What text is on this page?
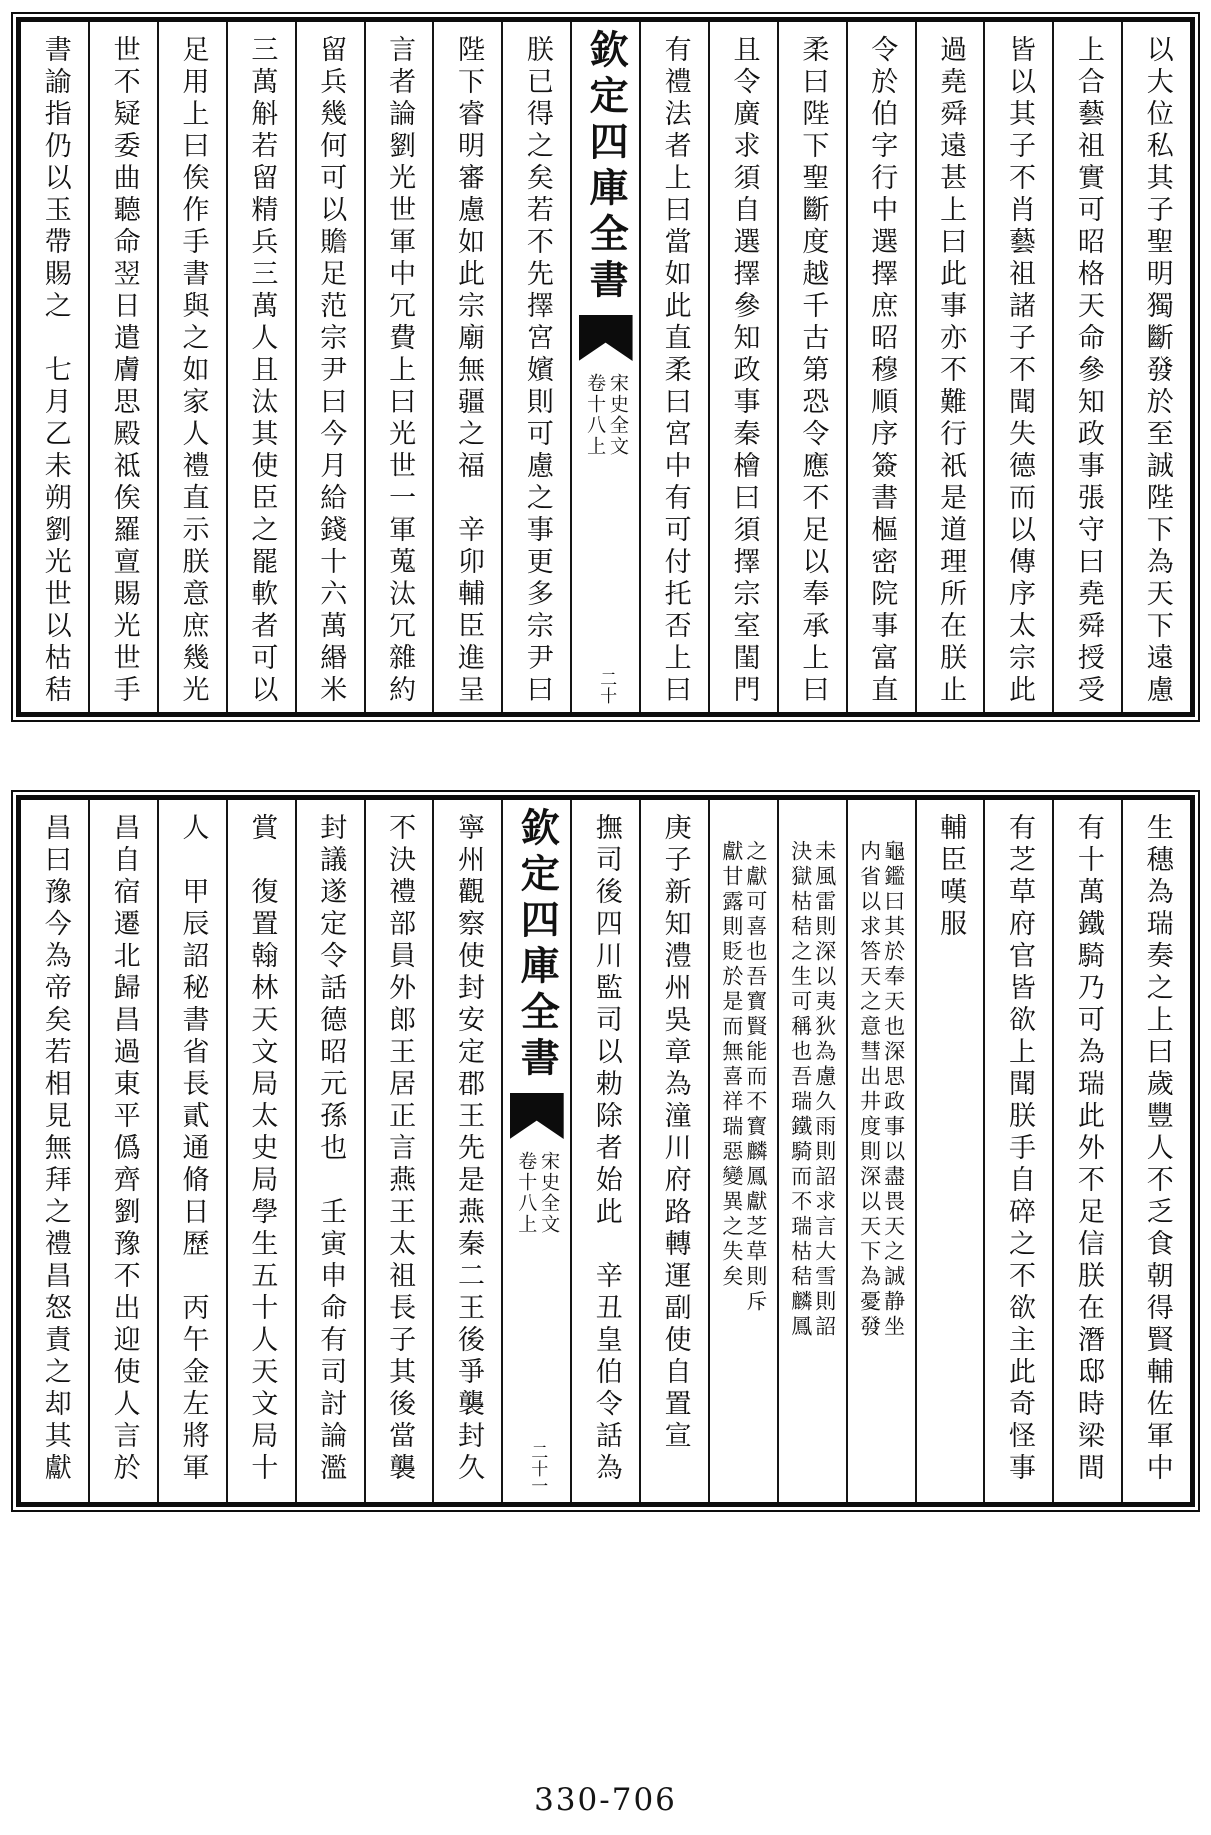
以大位私其子聖明獨斷發於至誠陛下為天下遠慮
上合藝祖實可昭格天命參知政事張守曰堯舜授受
皆以其子不肖藝祖諸子不聞失德而以傳序太宗此
過堯舜遠甚上曰此事亦不難行祇是道理所在朕止
令於伯字行中選擇庶昭穆順序簽書樞密院事富直
柔曰陛下聖斷度越千古第恐令應不足以奉承上曰
且令廣求須自選擇參知政事秦檜曰須擇宗室閨門
有禮法者上曰當如此直柔曰宮中有可付托否上曰
欽定四庫全書
宋史全文
卷十八上
二十
朕已得之矣若不先擇宮嬪則可慮之事更多宗尹曰
陛下睿明審慮如此宗廟無疆之福　辛卯輔臣進呈
言者論劉光世軍中冗費上曰光世一軍蒐汰冗雜約
留兵幾何可以贍足范宗尹曰今月給錢十六萬緡米
三萬斛若留精兵三萬人且汰其使臣之罷軟者可以
足用上曰俟作手書與之如家人禮直示朕意庶幾光
世不疑委曲聽命翌日遣膚思殿祗俟羅亶賜光世手
書諭指仍以玉帶賜之　七月乙未朔劉光世以枯秸
生穗為瑞奏之上曰歲豐人不乏食朝得賢輔佐軍中
有十萬鐵騎乃可為瑞此外不足信朕在潛邸時梁間
有芝草府官皆欲上聞朕手自碎之不欲主此奇怪事
輔臣嘆服
龜鑑曰其於奉天也深思政事以盡畏天之誠静坐
内省以求答天之意彗出井度則深以天下為憂發
未風雷則深以夷狄為慮久雨則詔求言大雪則詔
決獄枯秸之生可稱也吾瑞鐵騎而不瑞枯秸麟鳳
之獻可喜也吾寳賢能而不寳麟鳳獻芝草則斥
獻甘露則貶於是而無喜祥瑞惡變異之失矣
庚子新知澧州吳章為潼川府路轉運副使自置宣
撫司後四川監司以勅除者始此　辛丑皇伯令話為
欽定四庫全書
宋史全文
卷十八上
二十一
寧州觀察使封安定郡王先是燕秦二王後爭襲封久
不決禮部員外郎王居正言燕王太祖長子其後當襲
封議遂定令話德昭元孫也　壬寅申命有司討論濫
賞　復置翰林天文局太史局學生五十人天文局十
人　甲辰詔秘書省長貳通脩日歷　丙午金左將軍
昌自宿遷北歸昌過東平僞齊劉豫不出迎使人言於
昌曰豫今為帝矣若相見無拜之禮昌怒責之却其獻
330-706
